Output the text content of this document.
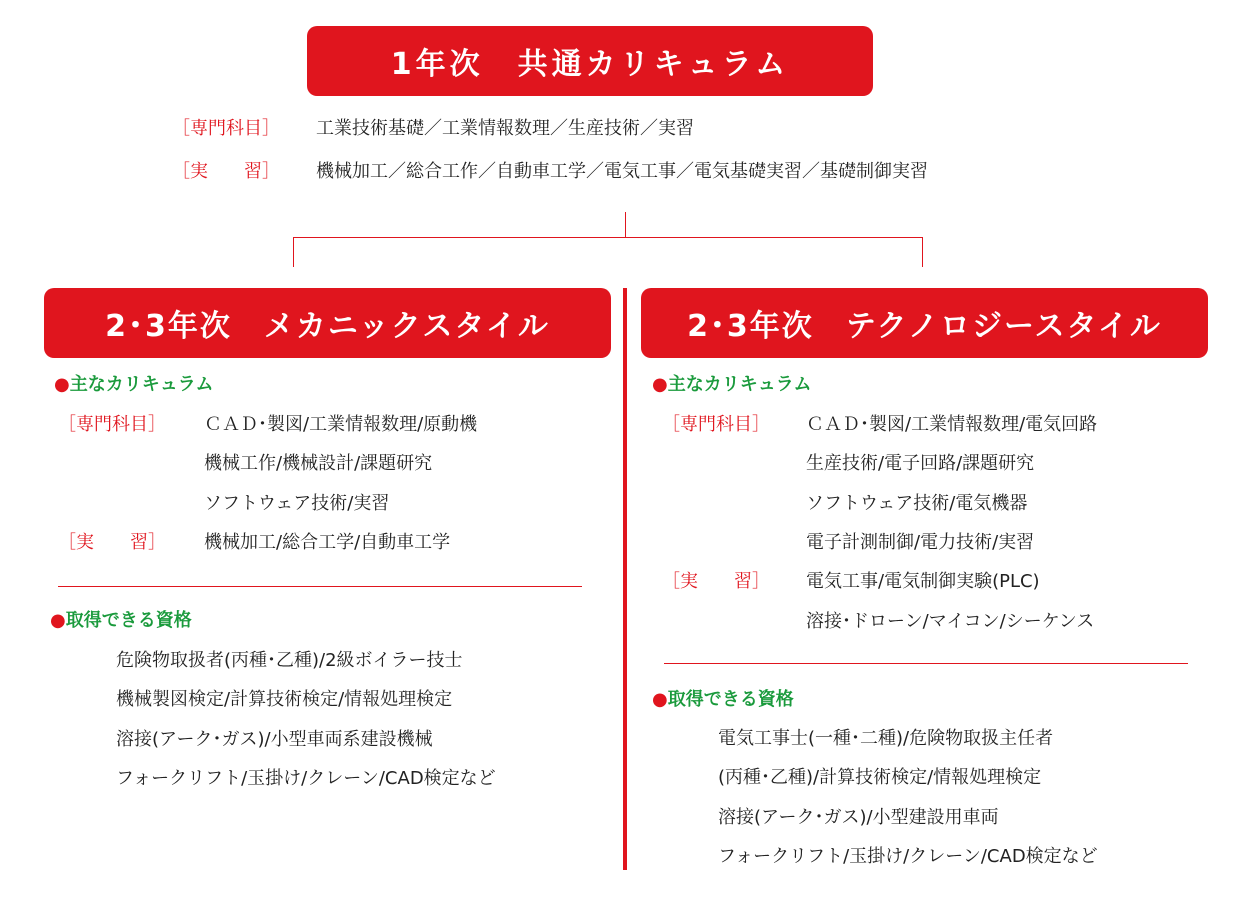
1年次　共通カリキュラム
［専門科目］ 工業技術基礎／工業情報数理／生産技術／実習
［実　　習］ 機械加工／総合工作／自動車工学／電気工事／電気基礎実習／基礎制御実習
2･3年次　メカニックスタイル
●主なカリキュラム
［専門科目］ ＣＡＤ･製図/工業情報数理/原動機
機械工作/機械設計/課題研究
ソフトウェア技術/実習
［実　　習］ 機械加工/総合工学/自動車工学
●取得できる資格
危険物取扱者(丙種･乙種)/2級ボイラー技士
機械製図検定/計算技術検定/情報処理検定
溶接(アーク･ガス)/小型車両系建設機械
フォークリフト/玉掛け/クレーン/CAD検定など
2･3年次　テクノロジースタイル
●主なカリキュラム
［専門科目］ ＣＡＤ･製図/工業情報数理/電気回路
生産技術/電子回路/課題研究
ソフトウェア技術/電気機器
電子計測制御/電力技術/実習
［実　　習］ 電気工事/電気制御実験(PLC)
溶接･ドローン/マイコン/シーケンス
●取得できる資格
電気工事士(一種･二種)/危険物取扱主任者
(丙種･乙種)/計算技術検定/情報処理検定
溶接(アーク･ガス)/小型建設用車両
フォークリフト/玉掛け/クレーン/CAD検定など
